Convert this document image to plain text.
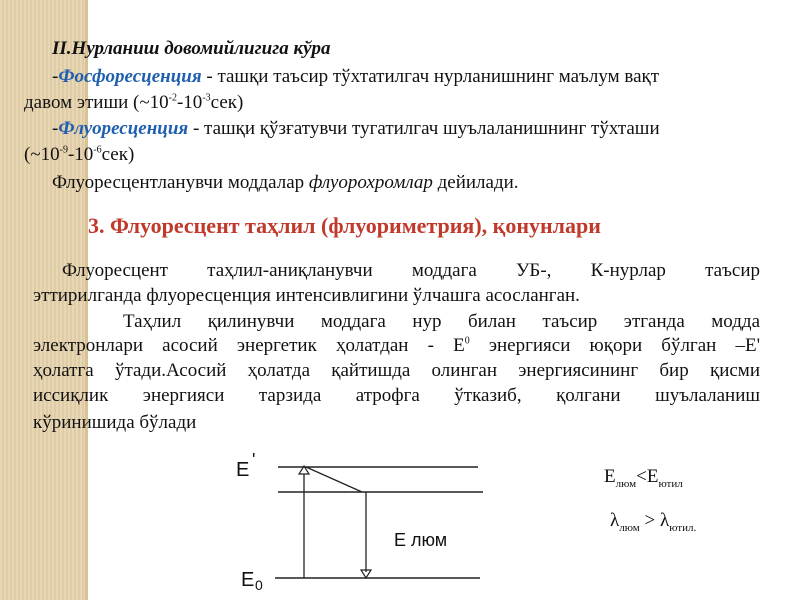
II.Нурланиш довомийлигига кўра
-Фосфоресценция - ташқи таъсир тўхтатилгач нурланишнинг маълум вақт
давом этиши $(\sim 10^{-2}-10^{-3}сек)$
-Флуоресценция - ташқи қўзғатувчи тугатилгач шуълаланишнинг тўхташи
$(\sim 10^{-9}-10^{-6}сек)$
Флуоресцентланувчи моддалар флуорохромлар дейилади.
3. Флуоресцент таҳлил (флуориметрия), қонунлари
Флуоресцент таҳлил-аниқланувчи моддага УБ-, К-нурлар таъсир
эттирилганда флуоресценция интенсивлигини ўлчашга асосланган.
Таҳлил қилинувчи моддага нур билан таъсир этганда модда
электронлари асосий энергетик ҳолатдан - $Е^0$ энергияси юқори бўлган –Е'
ҳолатга ўтади.Асосий ҳолатда қайтишда олинган энергиясининг бир қисми
иссиқлик энергияси тарзида атрофга ўтказиб, қолгани шуълаланиш
кўринишида бўлади
E '
E люм
E 0
$E_{люм}<E_{ютил}$
$\lambda_{люм} > \lambda_{ютил.}$
